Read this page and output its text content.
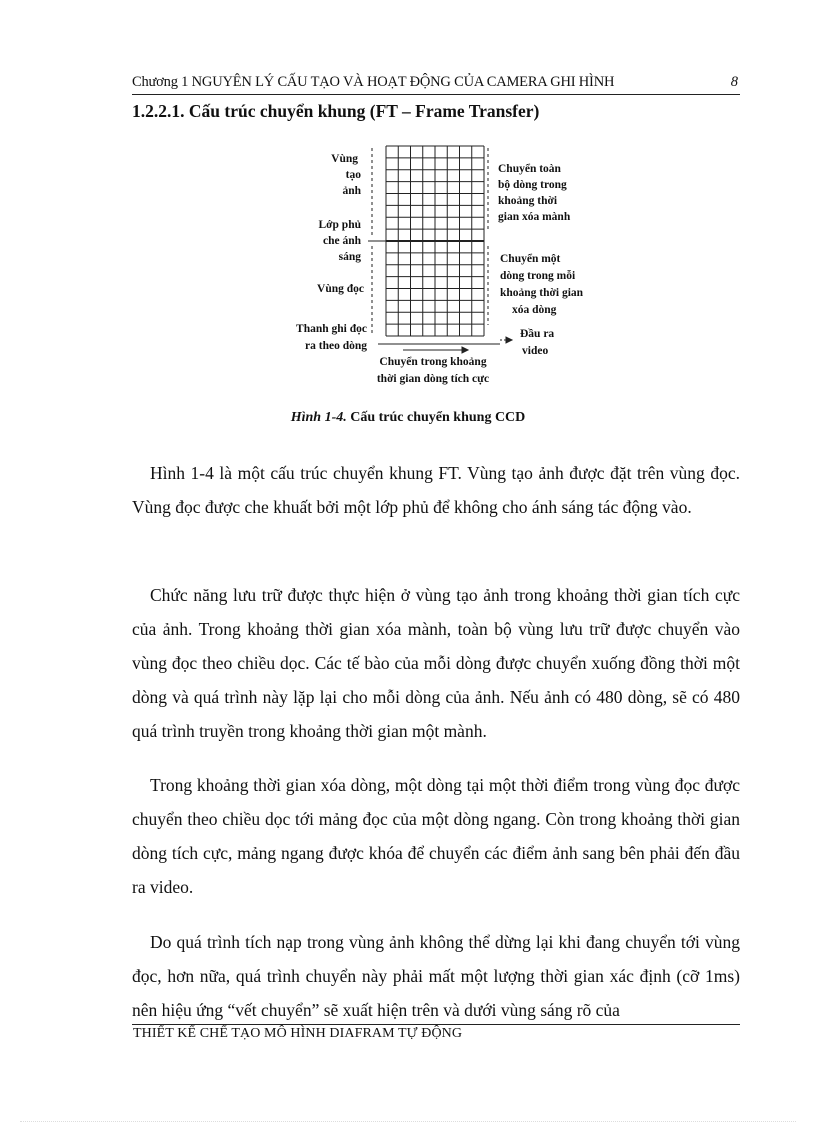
Chương 1 NGUYÊN LÝ CẤU TẠO VÀ HOẠT ĐỘNG CỦA CAMERA GHI HÌNH	8
1.2.2.1. Cấu trúc chuyển khung (FT – Frame Transfer)
Vùng
tạo
ảnh
Lớp phủ
che ánh
sáng
Vùng đọc
Thanh ghi đọc
ra theo dòng
Chuyển toàn
bộ dòng trong
khoảng thời
gian xóa mành
Chuyển một
dòng trong mỗi
khoảng thời gian
xóa dòng
Đầu ra
video
Chuyển trong khoảng
thời gian dòng tích cực
Hình 1-4. Cấu trúc chuyển khung CCD
Hình 1-4 là một cấu trúc chuyển khung FT. Vùng tạo ảnh được đặt trên vùng đọc. Vùng đọc được che khuất bởi một lớp phủ để không cho ánh sáng tác động vào.
Chức năng lưu trữ được thực hiện ở vùng tạo ảnh trong khoảng thời gian tích cực của ảnh. Trong khoảng thời gian xóa mành, toàn bộ vùng lưu trữ được chuyển vào vùng đọc theo chiều dọc. Các tế bào của mỗi dòng được chuyển xuống đồng thời một dòng và quá trình này lặp lại cho mỗi dòng của ảnh. Nếu ảnh có 480 dòng, sẽ có 480 quá trình truyền trong khoảng thời gian một mành.
Trong khoảng thời gian xóa dòng, một dòng tại một thời điểm trong vùng đọc được chuyển theo chiều dọc tới mảng đọc của một dòng ngang. Còn trong khoảng thời gian dòng tích cực, mảng ngang được khóa để chuyển các điểm ảnh sang bên phải đến đầu ra video.
Do quá trình tích nạp trong vùng ảnh không thể dừng lại khi đang chuyển tới vùng đọc, hơn nữa, quá trình chuyển này phải mất một lượng thời gian xác định (cỡ 1ms) nên hiệu ứng “vết chuyển” sẽ xuất hiện trên và dưới vùng sáng rõ của
THIẾT KẾ CHẾ TẠO MÔ HÌNH DIAFRAM TỰ ĐỘNG
